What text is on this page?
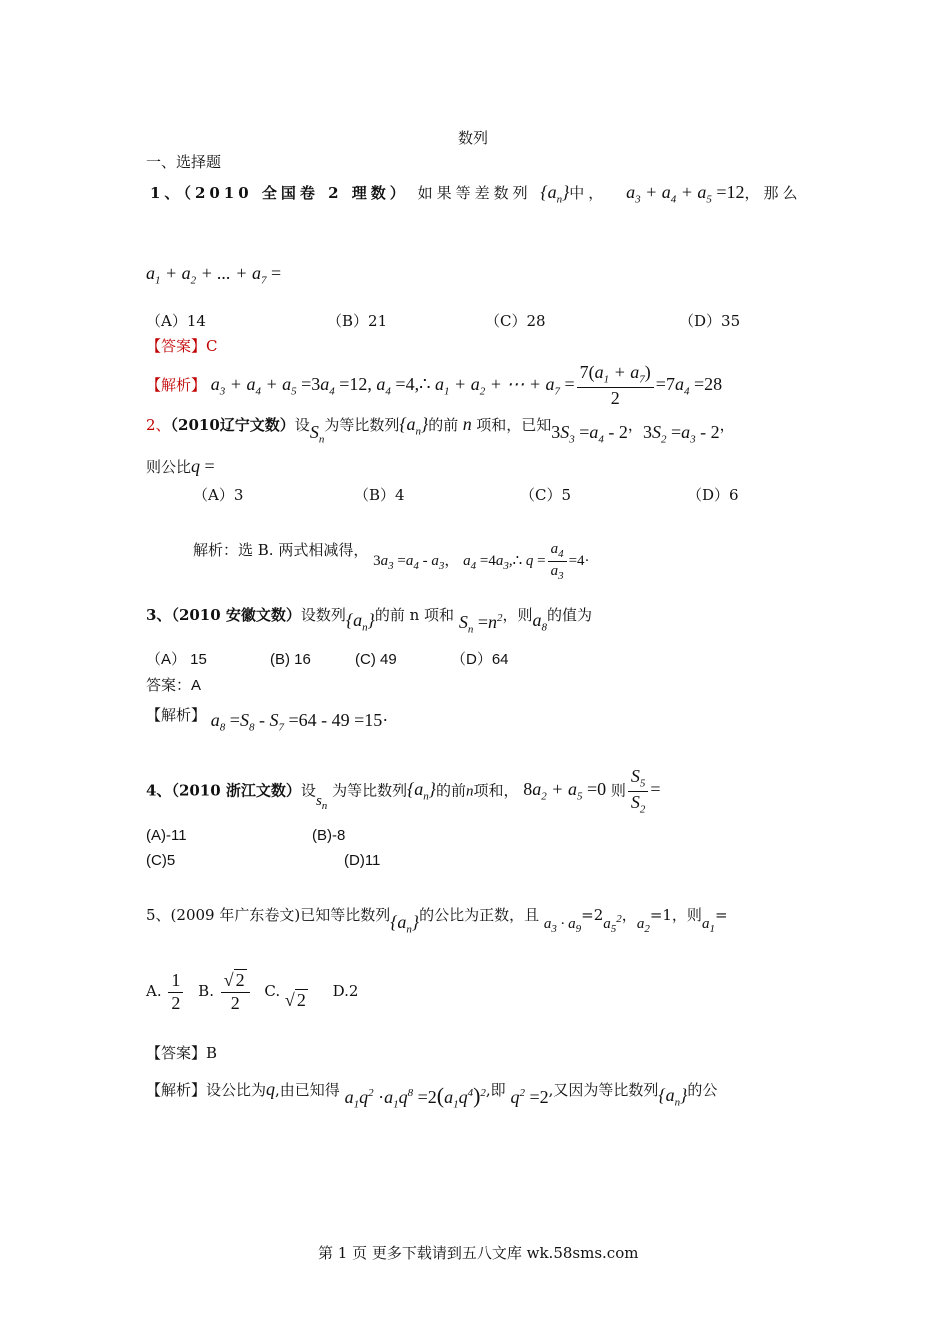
数列
一、选择题
1、（2010 全国卷 2 理数） 如果等差数列 $\{a_n\}$中， $a_3 + a_4 + a_5 =12$，那么
$a_1 + a_2$ + ... + $a_7$ =
（A）14	（B）21	（C）28	（D）35
【答案】C
【解析】 $a_3 + a_4 + a_5 =3a_4 =12$, $a_4$ =4,∴ $a_1 + a_2$ + ⋯ + $a_7 = \frac{7(a_1 + a_7)}{2} =7a_4 =28$
2、（2010辽宁文数）设$S_n$为等比数列$\{a_n\}$的前 n 项和，已知$3S_3 =a_4 - 2$，$3S_2 =a_3 - 2$，
则公比q =
（A）3	（B）4	（C）5	（D）6
解析：选 B. 两式相减得， $3a_3 =a_4 - a_3$， $a_4$ $=4a_3,\therefore$ $q = \frac{a_4}{a_3} =4\cdot$
3、（2010 安徽文数）设数列$\{a_n\}$的前 n 项和 $S_n =n^2$，则$a_8$的值为
（A） 15	(B) 16	(C) 49	（D）64
答案：A
【解析】 $a_8 =S_8 - S_7 =64 - 49 =15\cdot$
4、（2010 浙江文数）设$s_n$ 为等比数列$\{a_n\}$的前n项和， $8a_2 + a_5 =0$ 则 $\frac{S_5}{S_2}$ =
(A)-11	(B)-8
(C)5	(D)11
5、(2009 年广东卷文)已知等比数列$\{a_n\}$的公比为正数，且 $a_3 \cdot a_9=2a_5^2$，$a_2=1$，则$a_1=$
A. $\frac{1}{2} B$. $\frac{√ 2}{2} C$. √ 2 D.2
【答案】B
【解析】设公比为q,由已知得 $a_1q^2 \cdot a_1q^8 =2(a_1q^4)^2$,即 $q^2 =2$,又因为等比数列$\{a_n\}$的公
第 1 页 更多下载请到五八文库 wk.58sms.com
